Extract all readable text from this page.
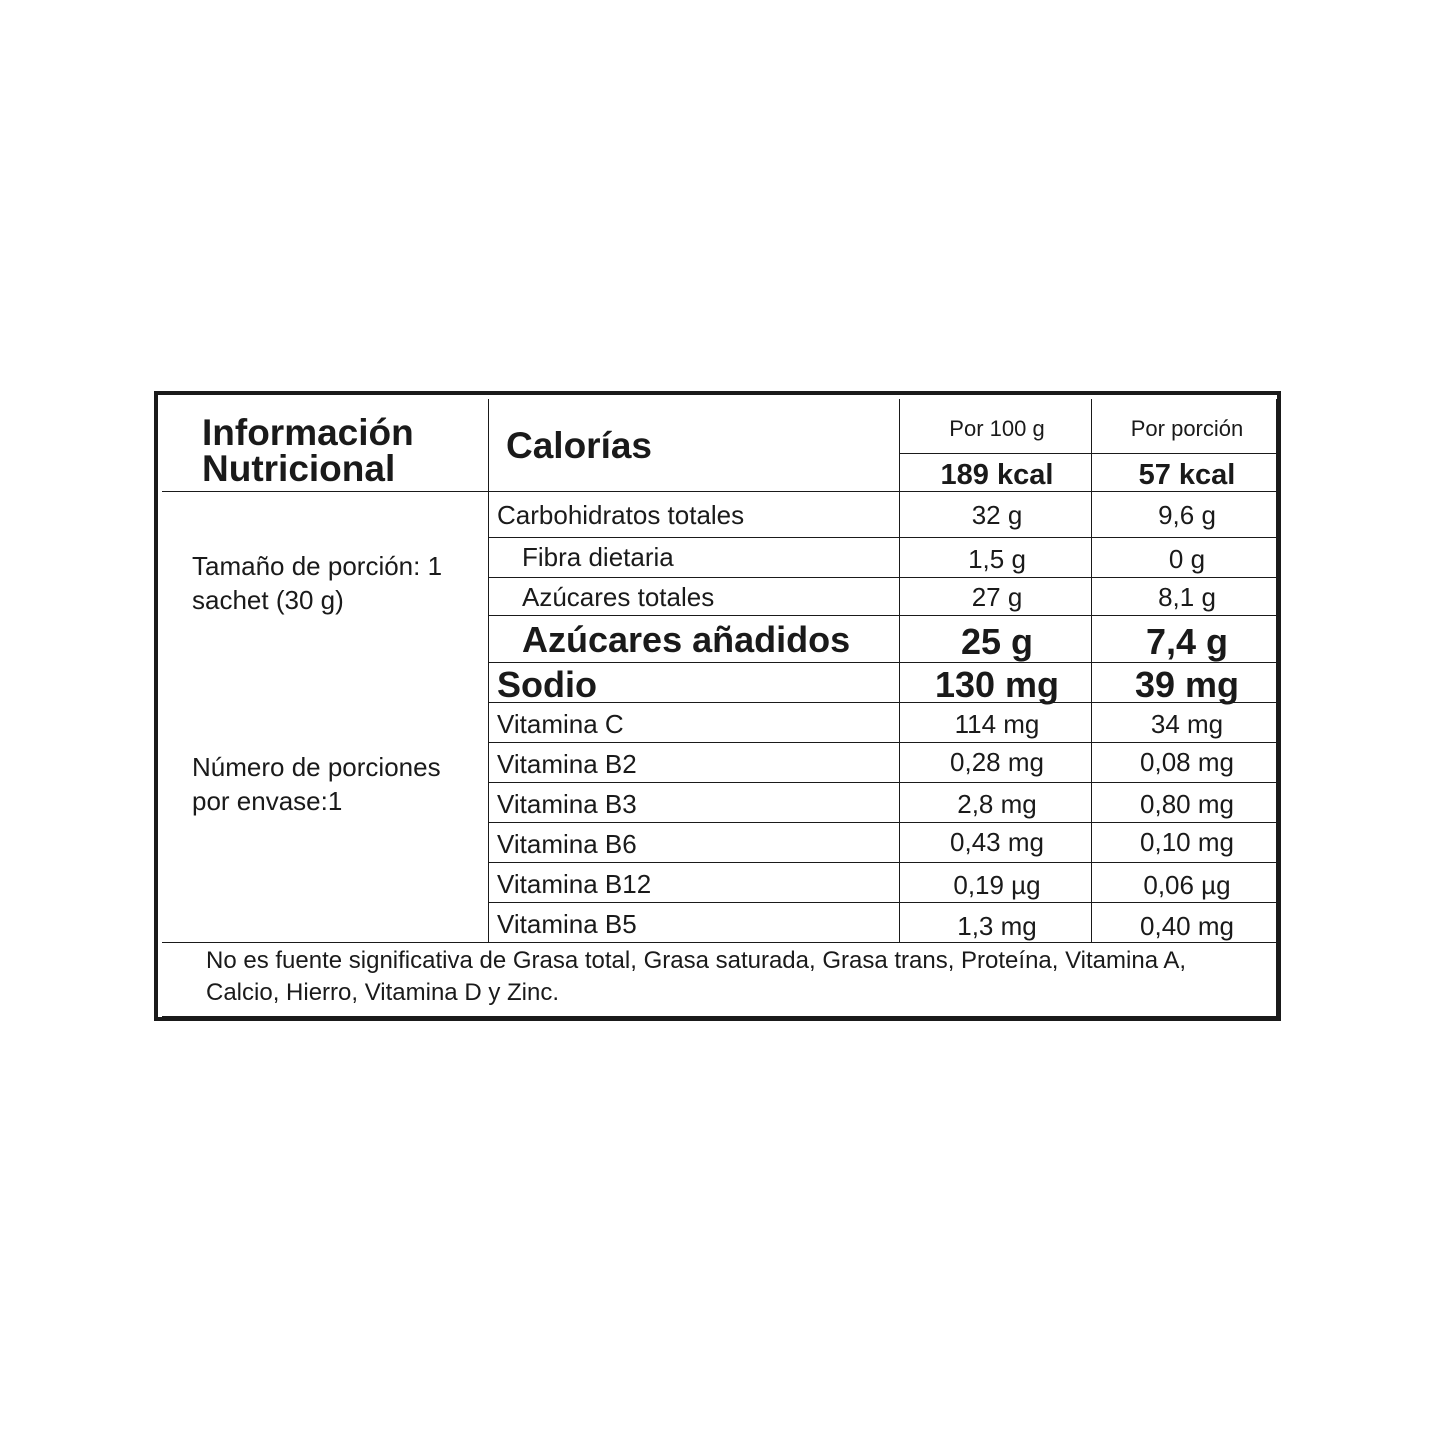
Información Nutricional
Calorías	Por 100 g	Por porción
189 kcal	57 kcal
Tamaño de porción: 1 sachet (30 g)
Número de porciones por envase:1
Carbohidratos totales	32 g	9,6 g
Fibra dietaria	1,5 g	0 g
Azúcares totales	27 g	8,1 g
Azúcares añadidos	25 g	7,4 g
Sodio	130 mg	39 mg
Vitamina C	114 mg	34 mg
Vitamina B2	0,28 mg	0,08 mg
Vitamina B3	2,8 mg	0,80 mg
Vitamina B6	0,43 mg	0,10 mg
Vitamina B12	0,19 µg	0,06 µg
Vitamina B5	1,3 mg	0,40 mg
No es fuente significativa de Grasa total, Grasa saturada, Grasa trans, Proteína, Vitamina A, Calcio, Hierro, Vitamina D y Zinc.
